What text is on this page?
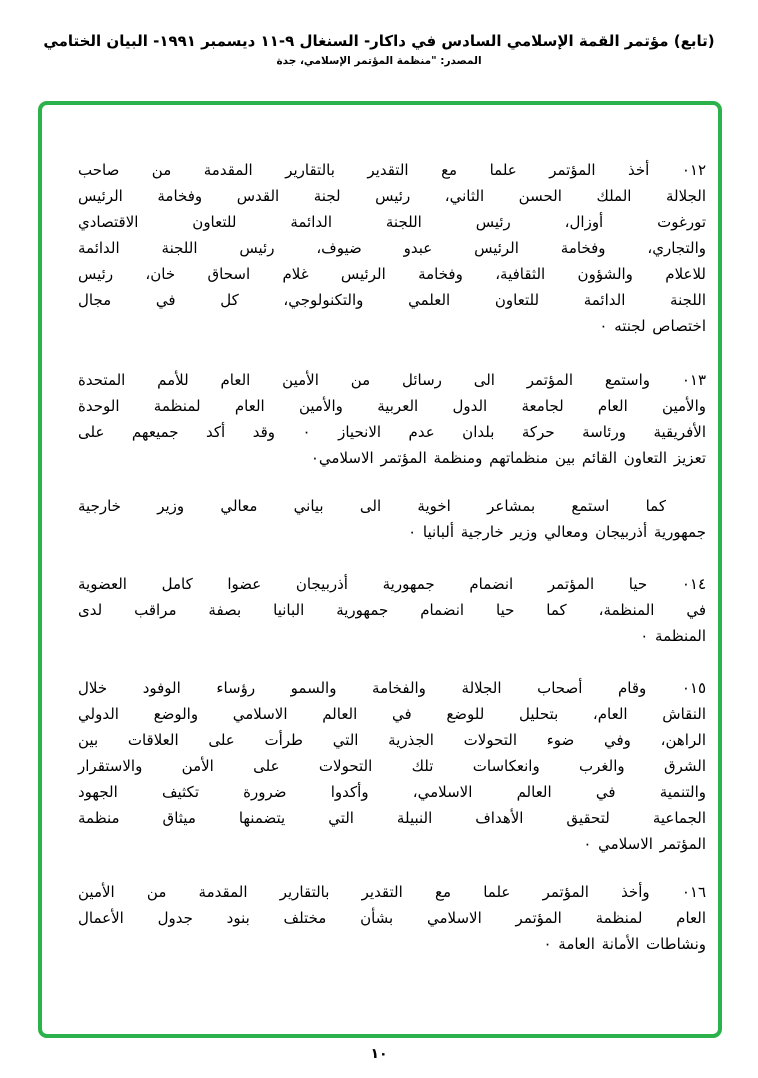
(تابع) مؤتمر القمة الإسلامي السادس في داكار- السنغال ٩-١١ ديسمبر ١٩٩١- البيان الختامي
المصدر: "منظمة المؤتمر الإسلامي، جدة
٠١٢ أخذ المؤتمر علما مع التقدير بالتقارير المقدمة من صاحب
الجلالة الملك الحسن الثاني، رئيس لجنة القدس وفخامة الرئيس
تورغوت أوزال، رئيس اللجنة الدائمة للتعاون الاقتصادي
والتجاري، وفخامة الرئيس عبدو ضيوف، رئيس اللجنة الدائمة
للاعلام والشؤون الثقافية، وفخامة الرئيس غلام اسحاق خان، رئيس
اللجنة الدائمة للتعاون العلمي والتكنولوجي، كل في مجال
اختصاص لجنته ٠
٠١٣ واستمع المؤتمر الى رسائل من الأمين العام للأمم المتحدة
والأمين العام لجامعة الدول العربية والأمين العام لمنظمة الوحدة
الأفريقية ورئاسة حركة بلدان عدم الانحياز ٠ وقد أكد جميعهم على
تعزيز التعاون القائم بين منظماتهم ومنظمة المؤتمر الاسلامي٠
كما استمع بمشاعر اخوية الى بياني معالي وزير خارجية
جمهورية أذربيجان ومعالي وزير خارجية ألبانيا ٠
٠١٤ حيا المؤتمر انضمام جمهورية أذربيجان عضوا كامل العضوية
في المنظمة، كما حيا انضمام جمهورية البانيا بصفة مراقب لدى
المنظمة ٠
٠١٥ وقام أصحاب الجلالة والفخامة والسمو رؤساء الوفود خلال
النقاش العام، بتحليل للوضع في العالم الاسلامي والوضع الدولي
الراهن، وفي ضوء التحولات الجذرية التي طرأت على العلاقات بين
الشرق والغرب وانعكاسات تلك التحولات على الأمن والاستقرار
والتنمية في العالم الاسلامي، وأكدوا ضرورة تكثيف الجهود
الجماعية لتحقيق الأهداف النبيلة التي يتضمنها ميثاق منظمة
المؤتمر الاسلامي ٠
٠١٦ وأخذ المؤتمر علما مع التقدير بالتقارير المقدمة من الأمين
العام لمنظمة المؤتمر الاسلامي بشأن مختلف بنود جدول الأعمال
ونشاطات الأمانة العامة ٠
١٠
